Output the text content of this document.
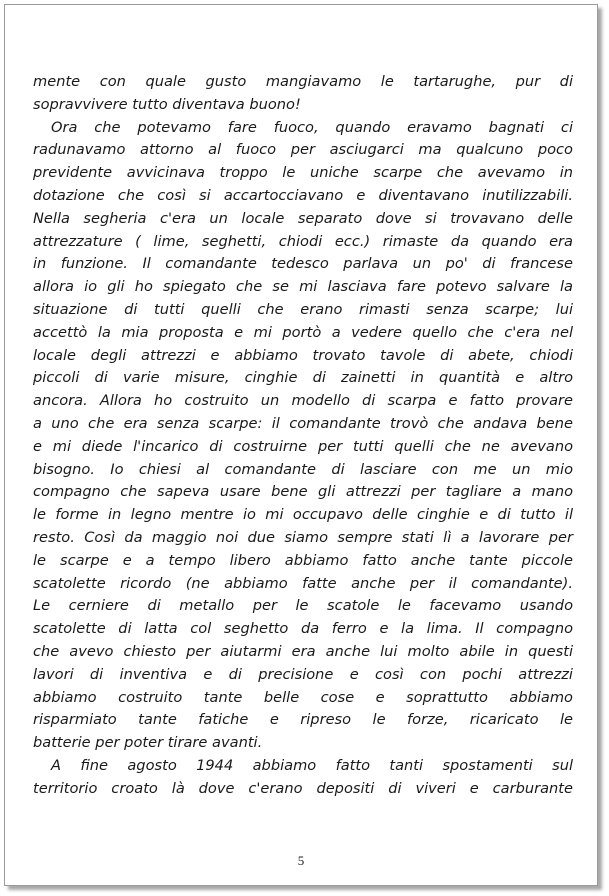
mente con quale gusto mangiavamo le tartarughe, pur di
sopravvivere tutto diventava buono!
Ora che potevamo fare fuoco, quando eravamo bagnati ci
radunavamo attorno al fuoco per asciugarci ma qualcuno poco
previdente avvicinava troppo le uniche scarpe che avevamo in
dotazione che così si accartocciavano e diventavano inutilizzabili.
Nella segheria c'era un locale separato dove si trovavano delle
attrezzature ( lime, seghetti, chiodi ecc.) rimaste da quando era
in funzione. Il comandante tedesco parlava un po' di francese
allora io gli ho spiegato che se mi lasciava fare potevo salvare la
situazione di tutti quelli che erano rimasti senza scarpe; lui
accettò la mia proposta e mi portò a vedere quello che c'era nel
locale degli attrezzi e abbiamo trovato tavole di abete, chiodi
piccoli di varie misure, cinghie di zainetti in quantità e altro
ancora. Allora ho costruito un modello di scarpa e fatto provare
a uno che era senza scarpe: il comandante trovò che andava bene
e mi diede l'incarico di costruirne per tutti quelli che ne avevano
bisogno. Io chiesi al comandante di lasciare con me un mio
compagno che sapeva usare bene gli attrezzi per tagliare a mano
le forme in legno mentre io mi occupavo delle cinghie e di tutto il
resto. Così da maggio noi due siamo sempre stati lì a lavorare per
le scarpe e a tempo libero abbiamo fatto anche tante piccole
scatolette ricordo (ne abbiamo fatte anche per il comandante).
Le cerniere di metallo per le scatole le facevamo usando
scatolette di latta col seghetto da ferro e la lima. Il compagno
che avevo chiesto per aiutarmi era anche lui molto abile in questi
lavori di inventiva e di precisione e così con pochi attrezzi
abbiamo costruito tante belle cose e soprattutto abbiamo
risparmiato tante fatiche e ripreso le forze, ricaricato le
batterie per poter tirare avanti.
A fine agosto 1944 abbiamo fatto tanti spostamenti sul
territorio croato là dove c'erano depositi di viveri e carburante
5
